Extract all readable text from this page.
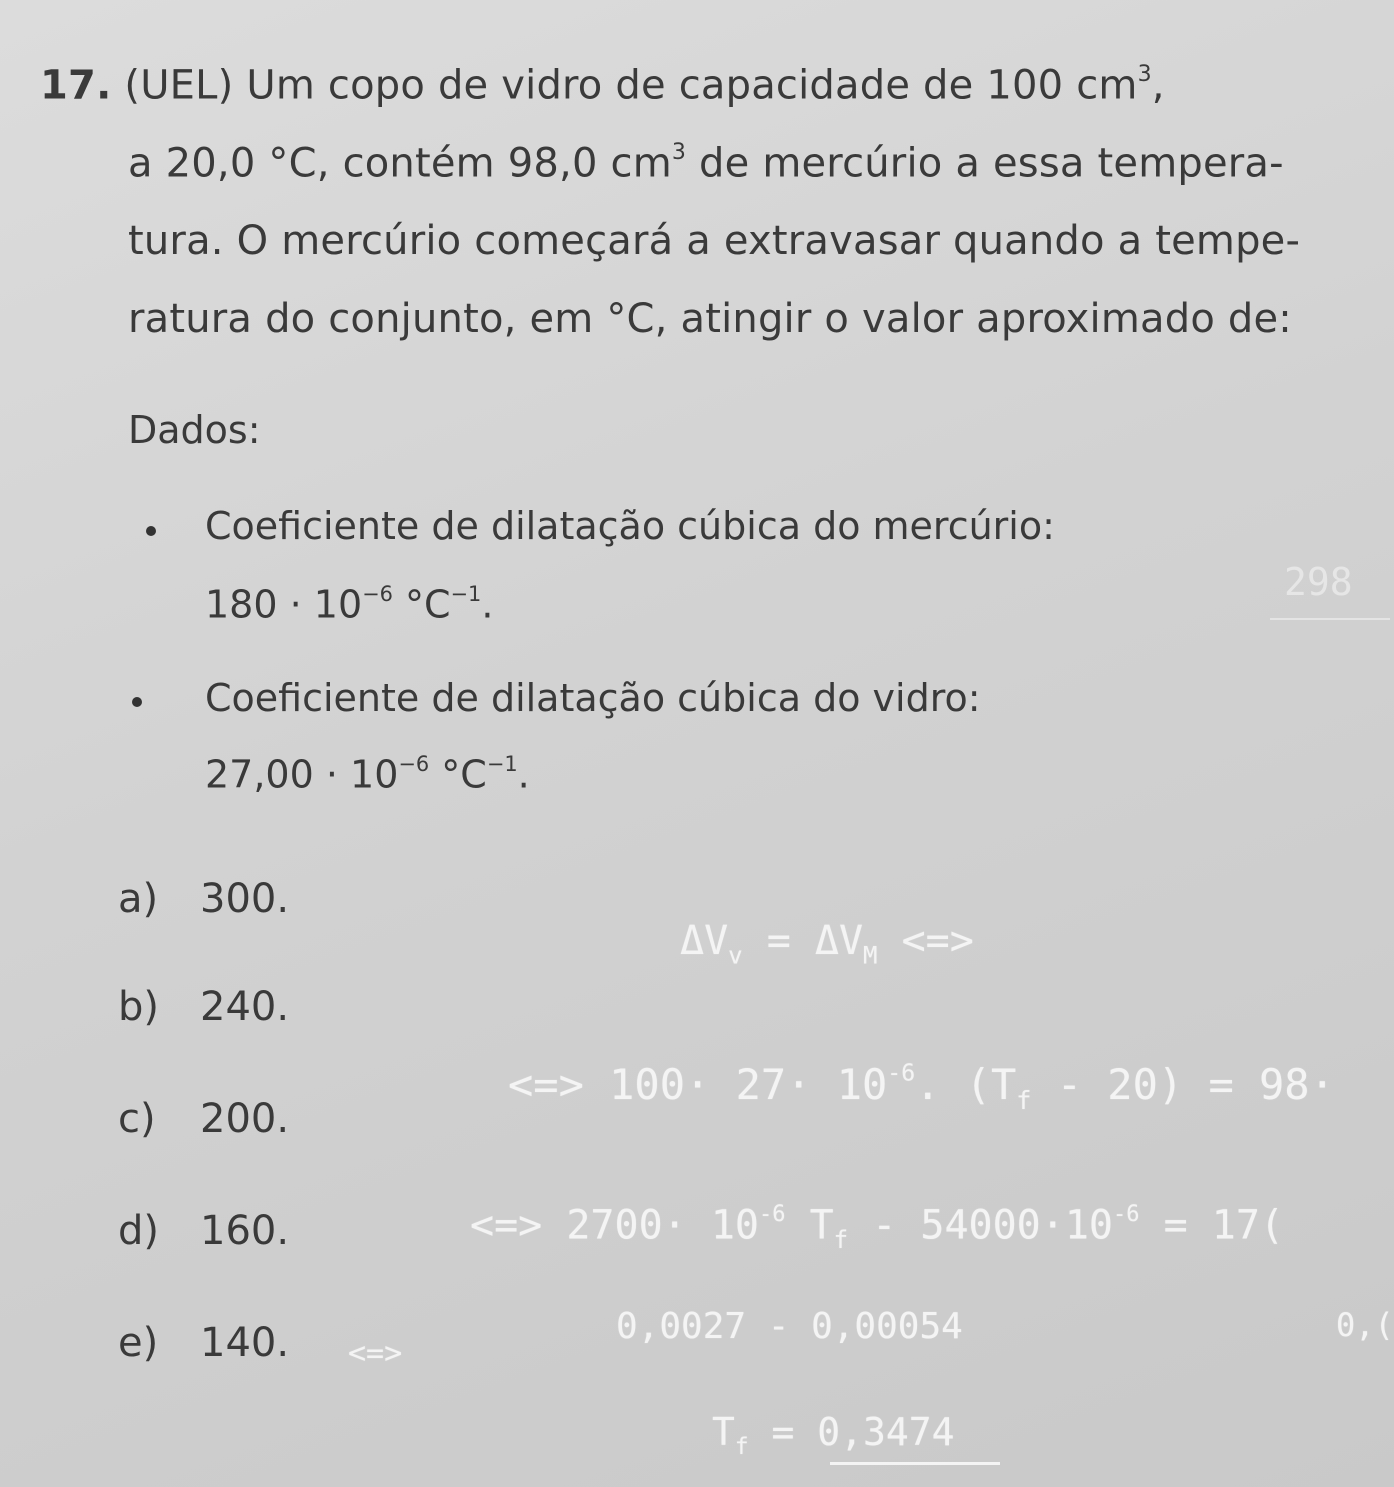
17. (UEL) Um copo de vidro de capacidade de 100 $cm^3$,
a 20,0 °C, contém 98,0 $cm^3$ de mercúrio a essa tempera-
tura. O mercúrio começará a extravasar quando a tempe-
ratura do conjunto, em °C, atingir o valor aproximado de:
Dados:
Coeficiente de dilatação cúbica do mercúrio:
$180 \cdot 10^{-6}$ $^\circ C^{-1}$.
Coeficiente de dilatação cúbica do vidro:
$27,00 \cdot 10^{-6}$ $^\circ C^{-1}$.
a) 300.
b) 240.
c) 200.
d) 160.
e) 140.
298
$\Delta V_v = \Delta V_M$ <=>
<=> $100\cdot 27\cdot 10^{-6}$. $(T_f - 20) = 98\cdot$
<=> $2700\cdot 10^{-6}$ $T_f - 54000\cdot 10^{-6} = 17$(
<=>
0,0027 - 0,00054	0,(
$T_f = 0,3474$
